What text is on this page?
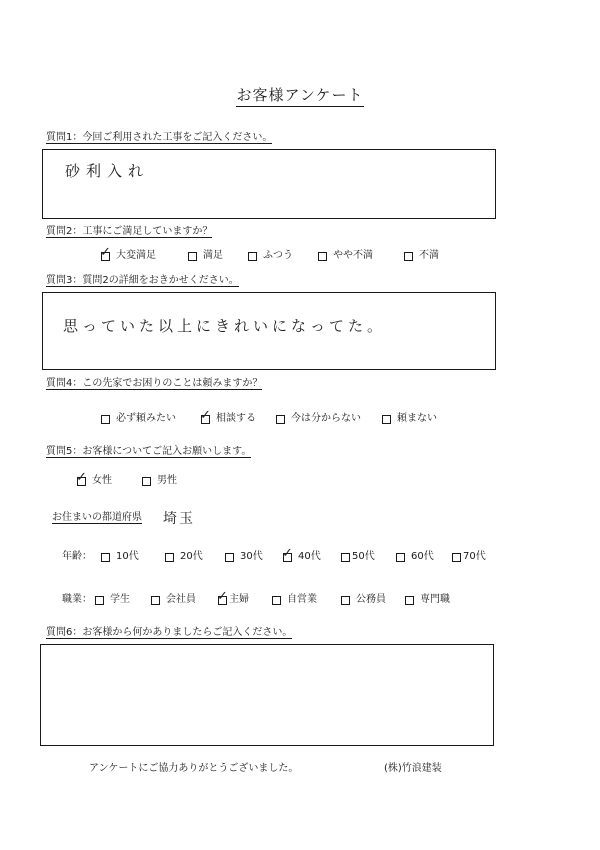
お客様アンケート
質問1：今回ご利用された工事をご記入ください。
砂利入れ
質問2：工事にご満足していますか？
✓ 大変満足	満足	ふつう	やや不満	不満
質問3：質問2の詳細をおきかせください。
思っていた以上にきれいになってた。
質問4：この先家でお困りのことは頼みますか？
必ず頼みたい ✓ 相談する	今は分からない	頼まない
質問5：お客様についてご記入お願いします。
✓ 女性	男性
お住まいの都道府県 埼玉
年齢： 10代	20代	30代 ✓ 40代	50代	60代	70代
職業： 学生	会社員 ✓ 主婦	自営業	公務員	専門職
質問6：お客様から何かありましたらご記入ください。
アンケートにご協力ありがとうございました。	(株)竹浪建装
